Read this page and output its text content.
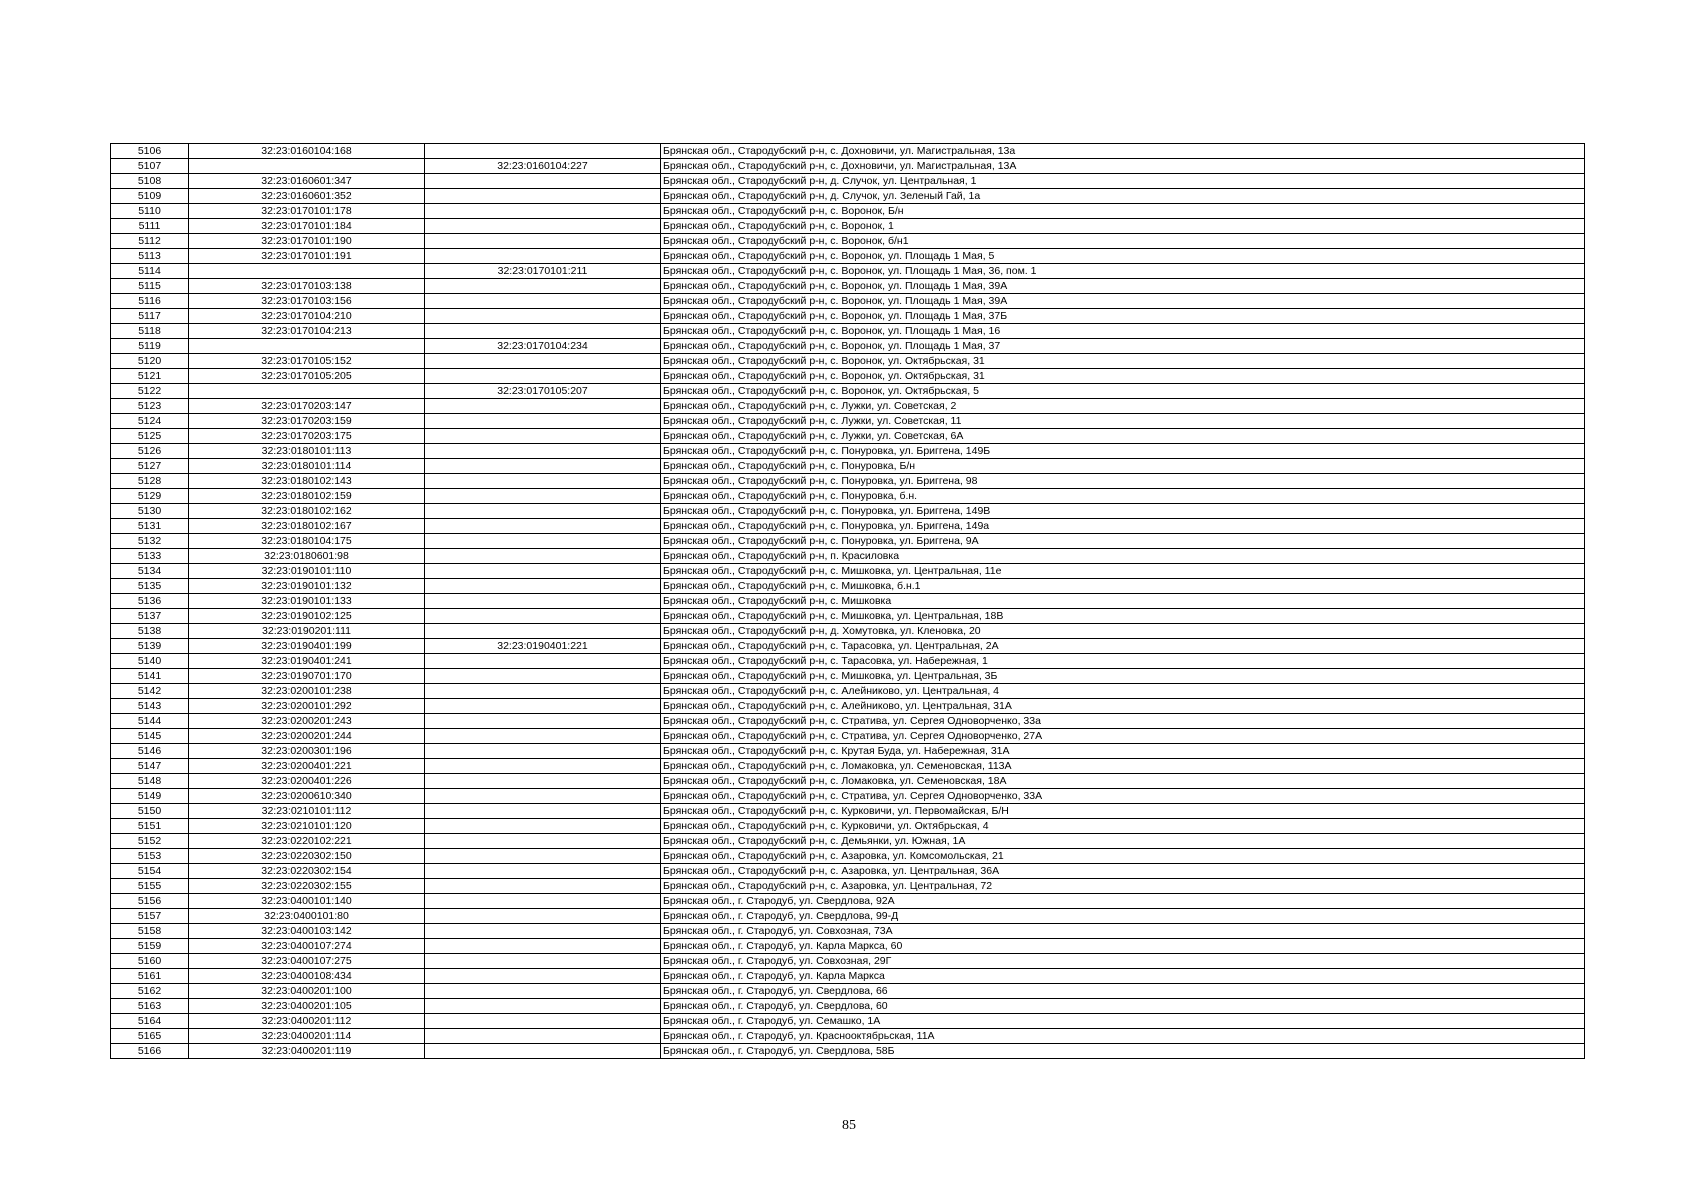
5106	32:23:0160104:168		Брянская обл., Стародубский р-н, с. Дохновичи, ул. Магистральная, 13а
5107		32:23:0160104:227	Брянская обл., Стародубский р-н, с. Дохновичи, ул. Магистральная, 13А
5108	32:23:0160601:347		Брянская обл., Стародубский р-н, д. Случок, ул. Центральная, 1
5109	32:23:0160601:352		Брянская обл., Стародубский р-н, д. Случок, ул. Зеленый Гай, 1а
5110	32:23:0170101:178		Брянская обл., Стародубский р-н, с. Воронок, Б/н
5111	32:23:0170101:184		Брянская обл., Стародубский р-н, с. Воронок, 1
5112	32:23:0170101:190		Брянская обл., Стародубский р-н, с. Воронок, б/н1
5113	32:23:0170101:191		Брянская обл., Стародубский р-н, с. Воронок, ул. Площадь 1 Мая, 5
5114		32:23:0170101:211	Брянская обл., Стародубский р-н, с. Воронок, ул. Площадь 1 Мая, 36, пом. 1
5115	32:23:0170103:138		Брянская обл., Стародубский р-н, с. Воронок, ул. Площадь 1 Мая, 39А
5116	32:23:0170103:156		Брянская обл., Стародубский р-н, с. Воронок, ул. Площадь 1 Мая, 39А
5117	32:23:0170104:210		Брянская обл., Стародубский р-н, с. Воронок, ул. Площадь 1 Мая, 37Б
5118	32:23:0170104:213		Брянская обл., Стародубский р-н, с. Воронок, ул. Площадь 1 Мая, 16
5119		32:23:0170104:234	Брянская обл., Стародубский р-н, с. Воронок, ул. Площадь 1 Мая, 37
5120	32:23:0170105:152		Брянская обл., Стародубский р-н, с. Воронок, ул. Октябрьская, 31
5121	32:23:0170105:205		Брянская обл., Стародубский р-н, с. Воронок, ул. Октябрьская, 31
5122		32:23:0170105:207	Брянская обл., Стародубский р-н, с. Воронок, ул. Октябрьская, 5
5123	32:23:0170203:147		Брянская обл., Стародубский р-н, с. Лужки, ул. Советская, 2
5124	32:23:0170203:159		Брянская обл., Стародубский р-н, с. Лужки, ул. Советская, 11
5125	32:23:0170203:175		Брянская обл., Стародубский р-н, с. Лужки, ул. Советская, 6А
5126	32:23:0180101:113		Брянская обл., Стародубский р-н, с. Понуровка, ул. Бриггена, 149Б
5127	32:23:0180101:114		Брянская обл., Стародубский р-н, с. Понуровка, Б/н
5128	32:23:0180102:143		Брянская обл., Стародубский р-н, с. Понуровка, ул. Бриггена, 98
5129	32:23:0180102:159		Брянская обл., Стародубский р-н, с. Понуровка, б.н.
5130	32:23:0180102:162		Брянская обл., Стародубский р-н, с. Понуровка, ул. Бриггена, 149В
5131	32:23:0180102:167		Брянская обл., Стародубский р-н, с. Понуровка, ул. Бриггена, 149а
5132	32:23:0180104:175		Брянская обл., Стародубский р-н, с. Понуровка, ул. Бриггена, 9А
5133	32:23:0180601:98		Брянская обл., Стародубский р-н, п. Красиловка
5134	32:23:0190101:110		Брянская обл., Стародубский р-н, с. Мишковка, ул. Центральная, 11е
5135	32:23:0190101:132		Брянская обл., Стародубский р-н, с. Мишковка, б.н.1
5136	32:23:0190101:133		Брянская обл., Стародубский р-н, с. Мишковка
5137	32:23:0190102:125		Брянская обл., Стародубский р-н, с. Мишковка, ул. Центральная, 18В
5138	32:23:0190201:111		Брянская обл., Стародубский р-н, д. Хомутовка, ул. Кленовка, 20
5139	32:23:0190401:199	32:23:0190401:221	Брянская обл., Стародубский р-н, с. Тарасовка, ул. Центральная, 2А
5140	32:23:0190401:241		Брянская обл., Стародубский р-н, с. Тарасовка, ул. Набережная, 1
5141	32:23:0190701:170		Брянская обл., Стародубский р-н, с. Мишковка, ул. Центральная, 3Б
5142	32:23:0200101:238		Брянская обл., Стародубский р-н, с. Алейниково, ул. Центральная, 4
5143	32:23:0200101:292		Брянская обл., Стародубский р-н, с. Алейниково, ул. Центральная, 31А
5144	32:23:0200201:243		Брянская обл., Стародубский р-н, с. Стратива, ул. Сергея Одноворченко, 33а
5145	32:23:0200201:244		Брянская обл., Стародубский р-н, с. Стратива, ул. Сергея Одноворченко, 27А
5146	32:23:0200301:196		Брянская обл., Стародубский р-н, с. Крутая Буда, ул. Набережная, 31А
5147	32:23:0200401:221		Брянская обл., Стародубский р-н, с. Ломаковка, ул. Семеновская, 113А
5148	32:23:0200401:226		Брянская обл., Стародубский р-н, с. Ломаковка, ул. Семеновская, 18А
5149	32:23:0200610:340		Брянская обл., Стародубский р-н, с. Стратива, ул. Сергея Одноворченко, 33А
5150	32:23:0210101:112		Брянская обл., Стародубский р-н, с. Курковичи, ул. Первомайская, Б/Н
5151	32:23:0210101:120		Брянская обл., Стародубский р-н, с. Курковичи, ул. Октябрьская, 4
5152	32:23:0220102:221		Брянская обл., Стародубский р-н, с. Демьянки, ул. Южная, 1А
5153	32:23:0220302:150		Брянская обл., Стародубский р-н, с. Азаровка, ул. Комсомольская, 21
5154	32:23:0220302:154		Брянская обл., Стародубский р-н, с. Азаровка, ул. Центральная, 36А
5155	32:23:0220302:155		Брянская обл., Стародубский р-н, с. Азаровка, ул. Центральная, 72
5156	32:23:0400101:140		Брянская обл., г. Стародуб, ул. Свердлова, 92А
5157	32:23:0400101:80		Брянская обл., г. Стародуб, ул. Свердлова, 99-Д
5158	32:23:0400103:142		Брянская обл., г. Стародуб, ул. Совхозная, 73А
5159	32:23:0400107:274		Брянская обл., г. Стародуб, ул. Карла Маркса, 60
5160	32:23:0400107:275		Брянская обл., г. Стародуб, ул. Совхозная, 29Г
5161	32:23:0400108:434		Брянская обл., г. Стародуб, ул. Карла Маркса
5162	32:23:0400201:100		Брянская обл., г. Стародуб, ул. Свердлова, 66
5163	32:23:0400201:105		Брянская обл., г. Стародуб, ул. Свердлова, 60
5164	32:23:0400201:112		Брянская обл., г. Стародуб, ул. Семашко, 1А
5165	32:23:0400201:114		Брянская обл., г. Стародуб, ул. Краснооктябрьская, 11А
5166	32:23:0400201:119		Брянская обл., г. Стародуб, ул. Свердлова, 58Б
85
